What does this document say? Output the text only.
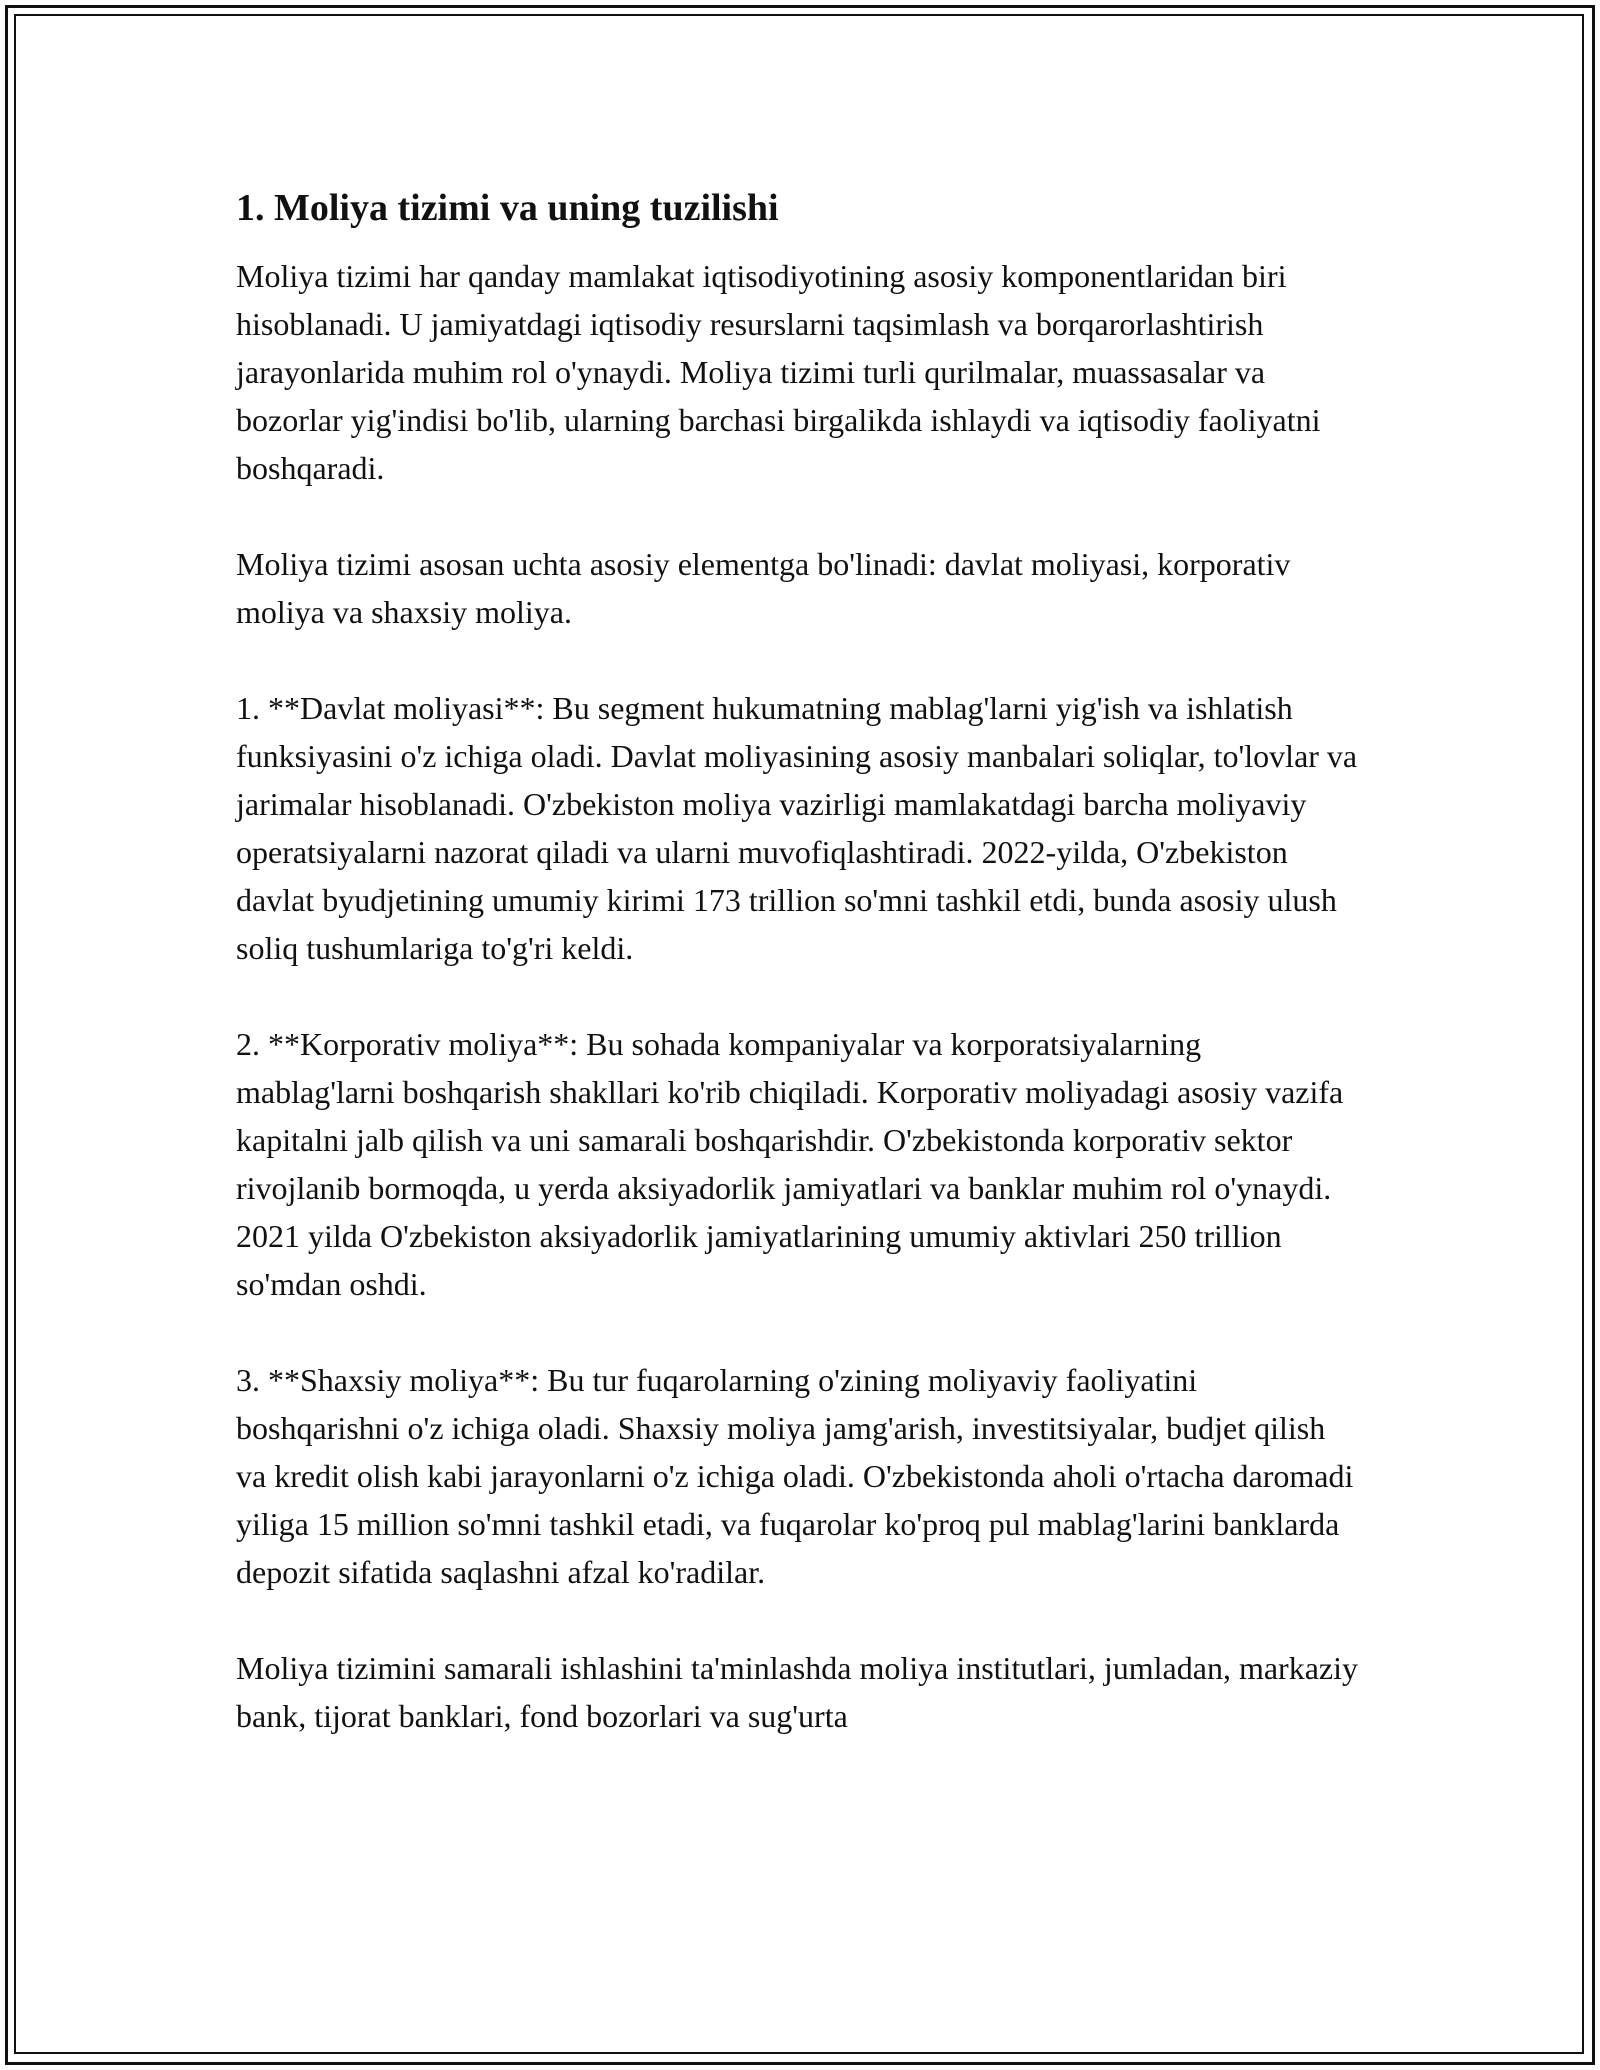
1. Moliya tizimi va uning tuzilishi

Moliya tizimi har qanday mamlakat iqtisodiyotining asosiy komponentlaridan biri hisoblanadi. U jamiyatdagi iqtisodiy resurslarni taqsimlash va borqarorlashtirish jarayonlarida muhim rol o'ynaydi. Moliya tizimi turli qurilmalar, muassasalar va bozorlar yig'indisi bo'lib, ularning barchasi birgalikda ishlaydi va iqtisodiy faoliyatni boshqaradi.

Moliya tizimi asosan uchta asosiy elementga bo'linadi: davlat moliyasi, korporativ moliya va shaxsiy moliya.

1. **Davlat moliyasi**: Bu segment hukumatning mablag'larni yig'ish va ishlatish funksiyasini o'z ichiga oladi. Davlat moliyasining asosiy manbalari soliqlar, to'lovlar va jarimalar hisoblanadi. O'zbekiston moliya vazirligi mamlakatdagi barcha moliyaviy operatsiyalarni nazorat qiladi va ularni muvofiqlashtiradi. 2022-yilda, O'zbekiston davlat byudjetining umumiy kirimi 173 trillion so'mni tashkil etdi, bunda asosiy ulush soliq tushumlariga to'g'ri keldi.

2. **Korporativ moliya**: Bu sohada kompaniyalar va korporatsiyalarning mablag'larni boshqarish shakllari ko'rib chiqiladi. Korporativ moliyadagi asosiy vazifa kapitalni jalb qilish va uni samarali boshqarishdir. O'zbekistonda korporativ sektor rivojlanib bormoqda, u yerda aksiyadorlik jamiyatlari va banklar muhim rol o'ynaydi. 2021 yilda O'zbekiston aksiyadorlik jamiyatlarining umumiy aktivlari 250 trillion so'mdan oshdi.

3. **Shaxsiy moliya**: Bu tur fuqarolarning o'zining moliyaviy faoliyatini boshqarishni o'z ichiga oladi. Shaxsiy moliya jamg'arish, investitsiyalar, budjet qilish va kredit olish kabi jarayonlarni o'z ichiga oladi. O'zbekistonda aholi o'rtacha daromadi yiliga 15 million so'mni tashkil etadi, va fuqarolar ko'proq pul mablag'larini banklarda depozit sifatida saqlashni afzal ko'radilar.

Moliya tizimini samarali ishlashini ta'minlashda moliya institutlari, jumladan, markaziy bank, tijorat banklari, fond bozorlari va sug'urta
